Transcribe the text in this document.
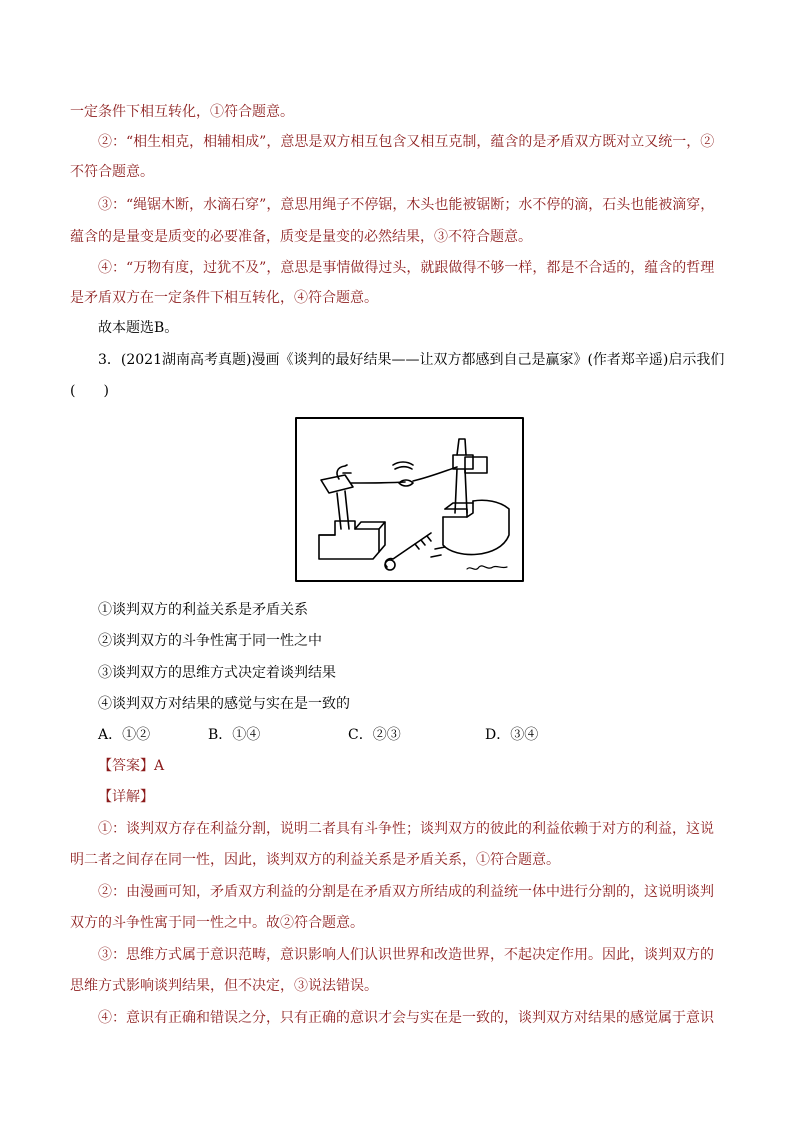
一定条件下相互转化，①符合题意。
②：“相生相克，相辅相成”，意思是双方相互包含又相互克制，蕴含的是矛盾双方既对立又统一，②
不符合题意。
③：“绳锯木断，水滴石穿”，意思用绳子不停锯，木头也能被锯断；水不停的滴，石头也能被滴穿，
蕴含的是量变是质变的必要准备，质变是量变的必然结果，③不符合题意。
④：“万物有度，过犹不及”，意思是事情做得过头，就跟做得不够一样，都是不合适的，蕴含的哲理
是矛盾双方在一定条件下相互转化，④符合题意。
故本题选B。
3．(2021湖南高考真题)漫画《谈判的最好结果——让双方都感到自己是赢家》(作者郑辛遥)启示我们
(　　)
①谈判双方的利益关系是矛盾关系
②谈判双方的斗争性寓于同一性之中
③谈判双方的思维方式决定着谈判结果
④谈判双方对结果的感觉与实在是一致的
A．①②	B．①④	C．②③	D．③④
【答案】A
【详解】
①：谈判双方存在利益分割，说明二者具有斗争性；谈判双方的彼此的利益依赖于对方的利益，这说
明二者之间存在同一性，因此，谈判双方的利益关系是矛盾关系，①符合题意。
②：由漫画可知，矛盾双方利益的分割是在矛盾双方所结成的利益统一体中进行分割的，这说明谈判
双方的斗争性寓于同一性之中。故②符合题意。
③：思维方式属于意识范畴，意识影响人们认识世界和改造世界，不起决定作用。因此，谈判双方的
思维方式影响谈判结果，但不决定，③说法错误。
④：意识有正确和错误之分，只有正确的意识才会与实在是一致的，谈判双方对结果的感觉属于意识
